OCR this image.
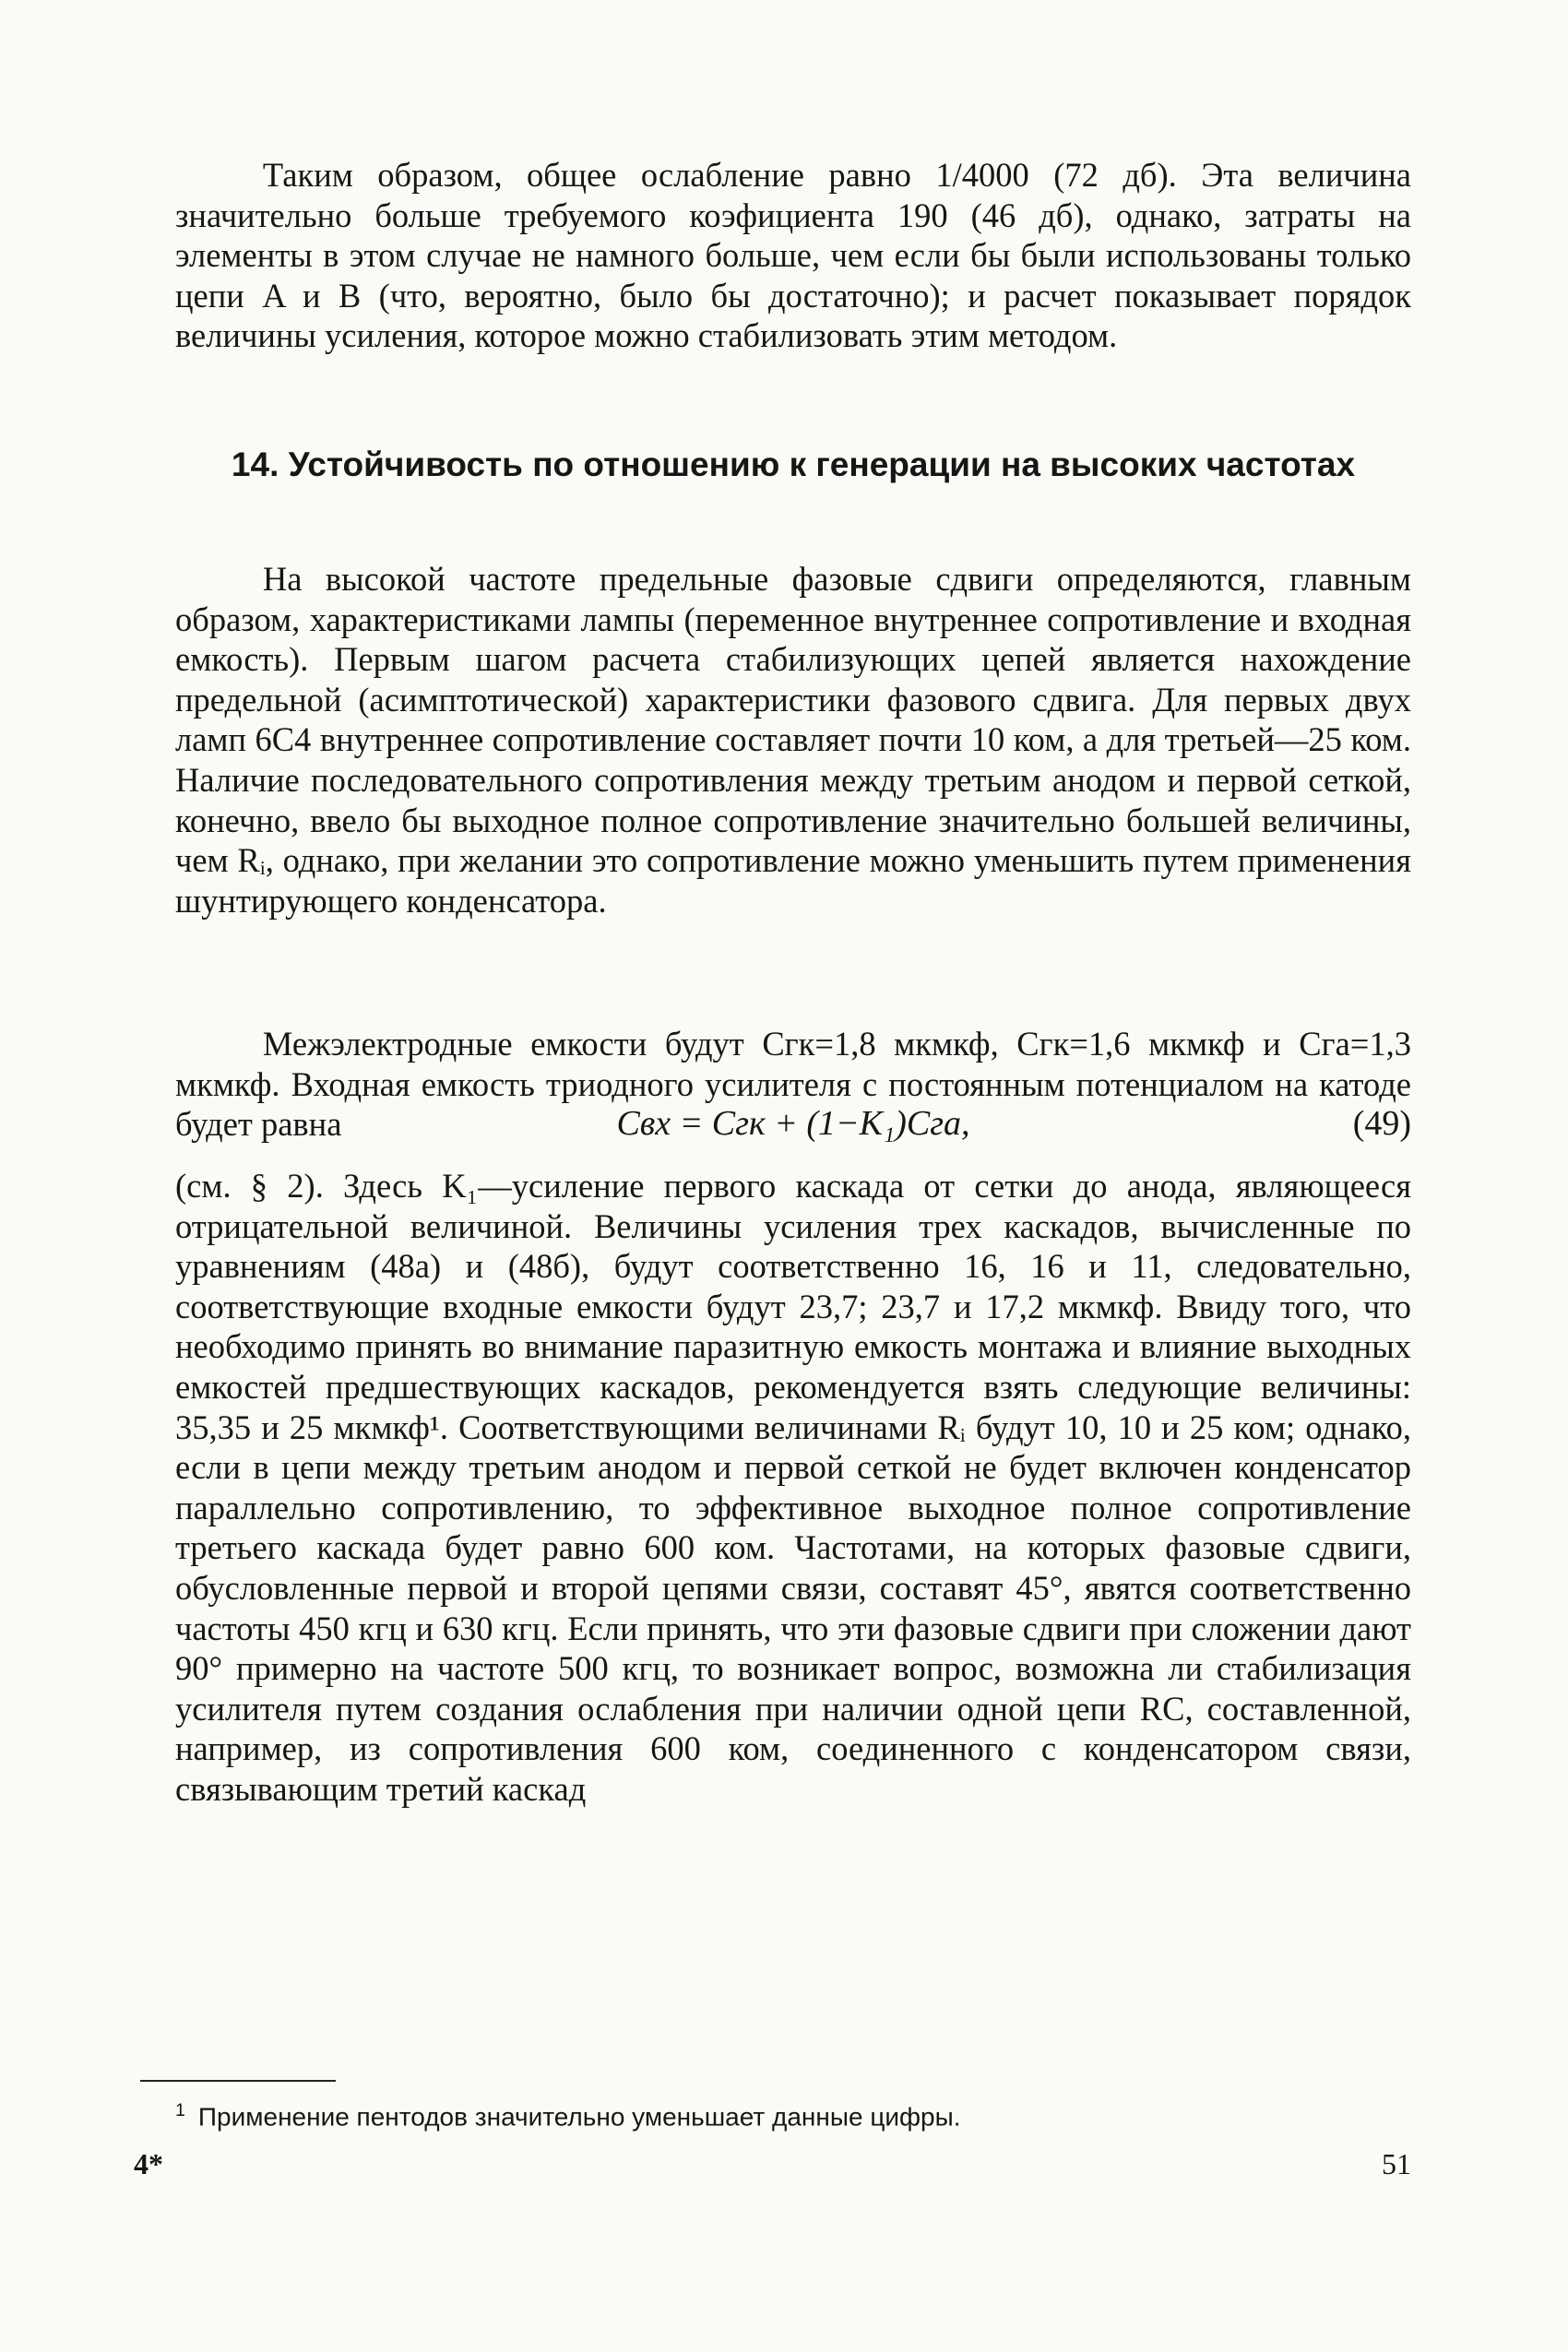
Таким образом, общее ослабление равно 1/4000 (72 дб). Эта величина значительно больше требуемого коэфициента 190 (46 дб), однако, затраты на элементы в этом случае не намного больше, чем если бы были использованы только цепи A и B (что, вероятно, было бы достаточно); и расчет показывает порядок величины усиления, которое можно стабилизовать этим методом.

14. Устойчивость по отношению к генерации на высоких частотах

На высокой частоте предельные фазовые сдвиги определяются, главным образом, характеристиками лампы (переменное внутреннее сопротивление и входная емкость). Первым шагом расчета стабилизующих цепей является нахождение предельной (асимптотической) характеристики фазового сдвига. Для первых двух ламп 6С4 внутреннее сопротивление составляет почти 10 ком, а для третьей—25 ком. Наличие последовательного сопротивления между третьим анодом и первой сеткой, конечно, ввело бы выходное полное сопротивление значительно большей величины, чем Rᵢ, однако, при желании это сопротивление можно уменьшить путем применения шунтирующего конденсатора.

Межэлектродные емкости будут Cгк=1,8 мкмкф, Cгк=1,6 мкмкф и Cга=1,3 мкмкф. Входная емкость триодного усилителя с постоянным потенциалом на катоде будет равна	Cвх = Cгк + (1−K₁)Cга,	(49)

(см. § 2). Здесь K₁—усиление первого каскада от сетки до анода, являющееся отрицательной величиной. Величины усиления трех каскадов, вычисленные по уравнениям (48а) и (48б), будут соответственно 16, 16 и 11, следовательно, соответствующие входные емкости будут 23,7; 23,7 и 17,2 мкмкф. Ввиду того, что необходимо принять во внимание паразитную емкость монтажа и влияние выходных емкостей предшествующих каскадов, рекомендуется взять следующие величины: 35,35 и 25 мкмкф¹. Соответствующими величинами Rᵢ будут 10, 10 и 25 ком; однако, если в цепи между третьим анодом и первой сеткой не будет включен конденсатор параллельно сопротивлению, то эффективное выходное полное сопротивление третьего каскада будет равно 600 ком. Частотами, на которых фазовые сдвиги, обусловленные первой и второй цепями связи, составят 45°, явятся соответственно частоты 450 кгц и 630 кгц. Если принять, что эти фазовые сдвиги при сложении дают 90° примерно на частоте 500 кгц, то возникает вопрос, возможна ли стабилизация усилителя путем создания ослабления при наличии одной цепи RC, составленной, например, из сопротивления 600 ком, соединенного с конденсатором связи, связывающим третий каскад

$^1$ Применение пентодов значительно уменьшает данные цифры.
4*	51
